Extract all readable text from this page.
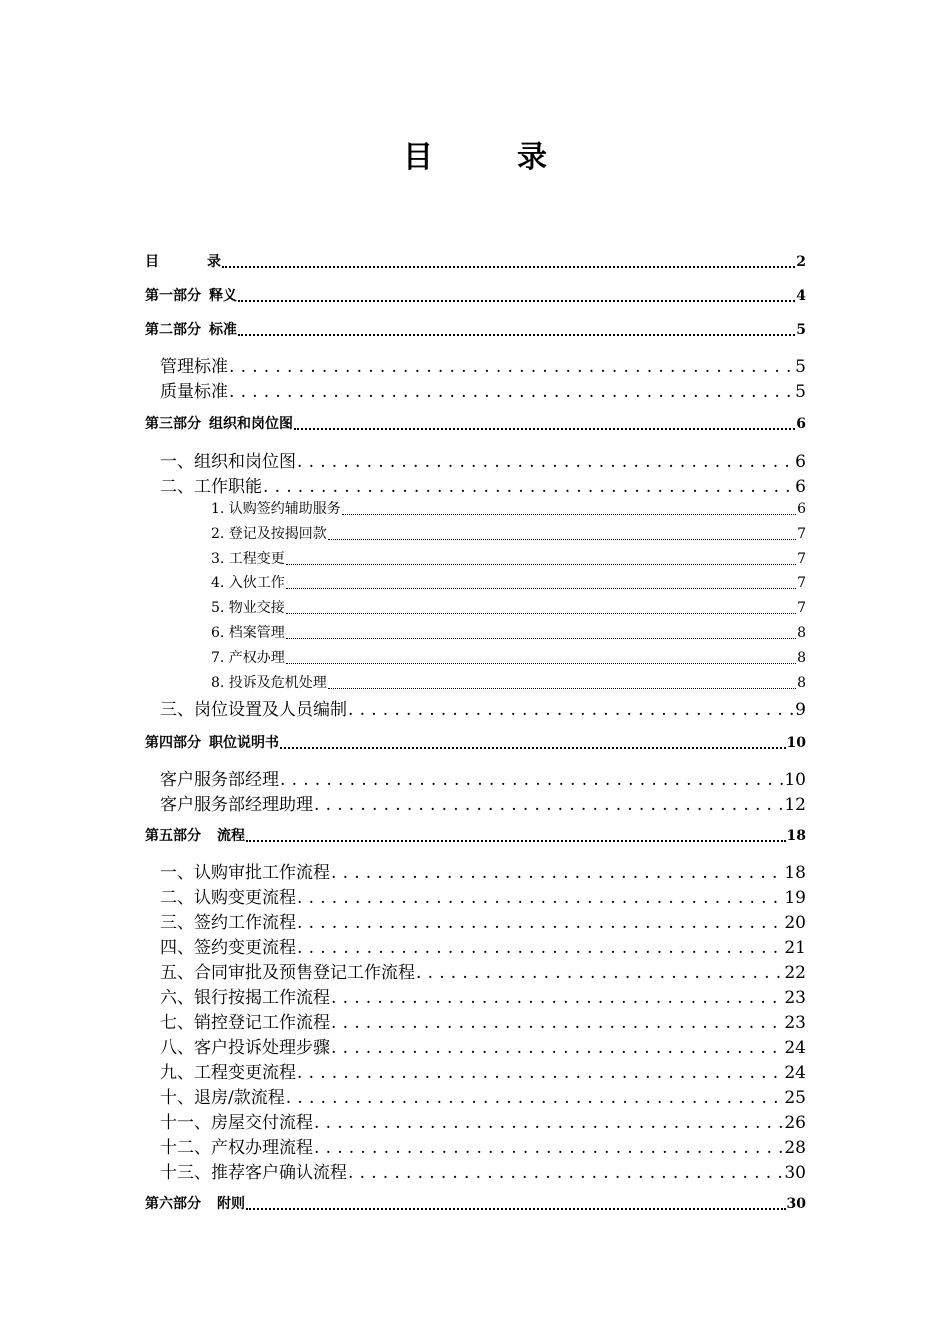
目	录
目	录	2
第一部分 释义	4
第二部分 标准	5
管理标准 .....	5
质量标准 .....	5
第三部分 组织和岗位图	6
一、组织和岗位图 .....	6
二、工作职能 .....	6
1. 认购签约辅助服务	6
2. 登记及按揭回款	7
3. 工程变更	7
4. 入伙工作	7
5. 物业交接	7
6. 档案管理	8
7. 产权办理	8
8. 投诉及危机处理	8
三、岗位设置及人员编制 .....	9
第四部分 职位说明书	10
客户服务部经理 .....	10
客户服务部经理助理 .....	12
第五部分 流程	18
一、认购审批工作流程 .....	18
二、认购变更流程 .....	19
三、签约工作流程 .....	20
四、签约变更流程 .....	21
五、合同审批及预售登记工作流程 .....	22
六、银行按揭工作流程 .....	23
七、销控登记工作流程 .....	23
八、客户投诉处理步骤 .....	24
九、工程变更流程 .....	24
十、退房/款流程 .....	25
十一、房屋交付流程 .....	26
十二、产权办理流程 .....	28
十三、推荐客户确认流程 .....	30
第六部分 附则	30
